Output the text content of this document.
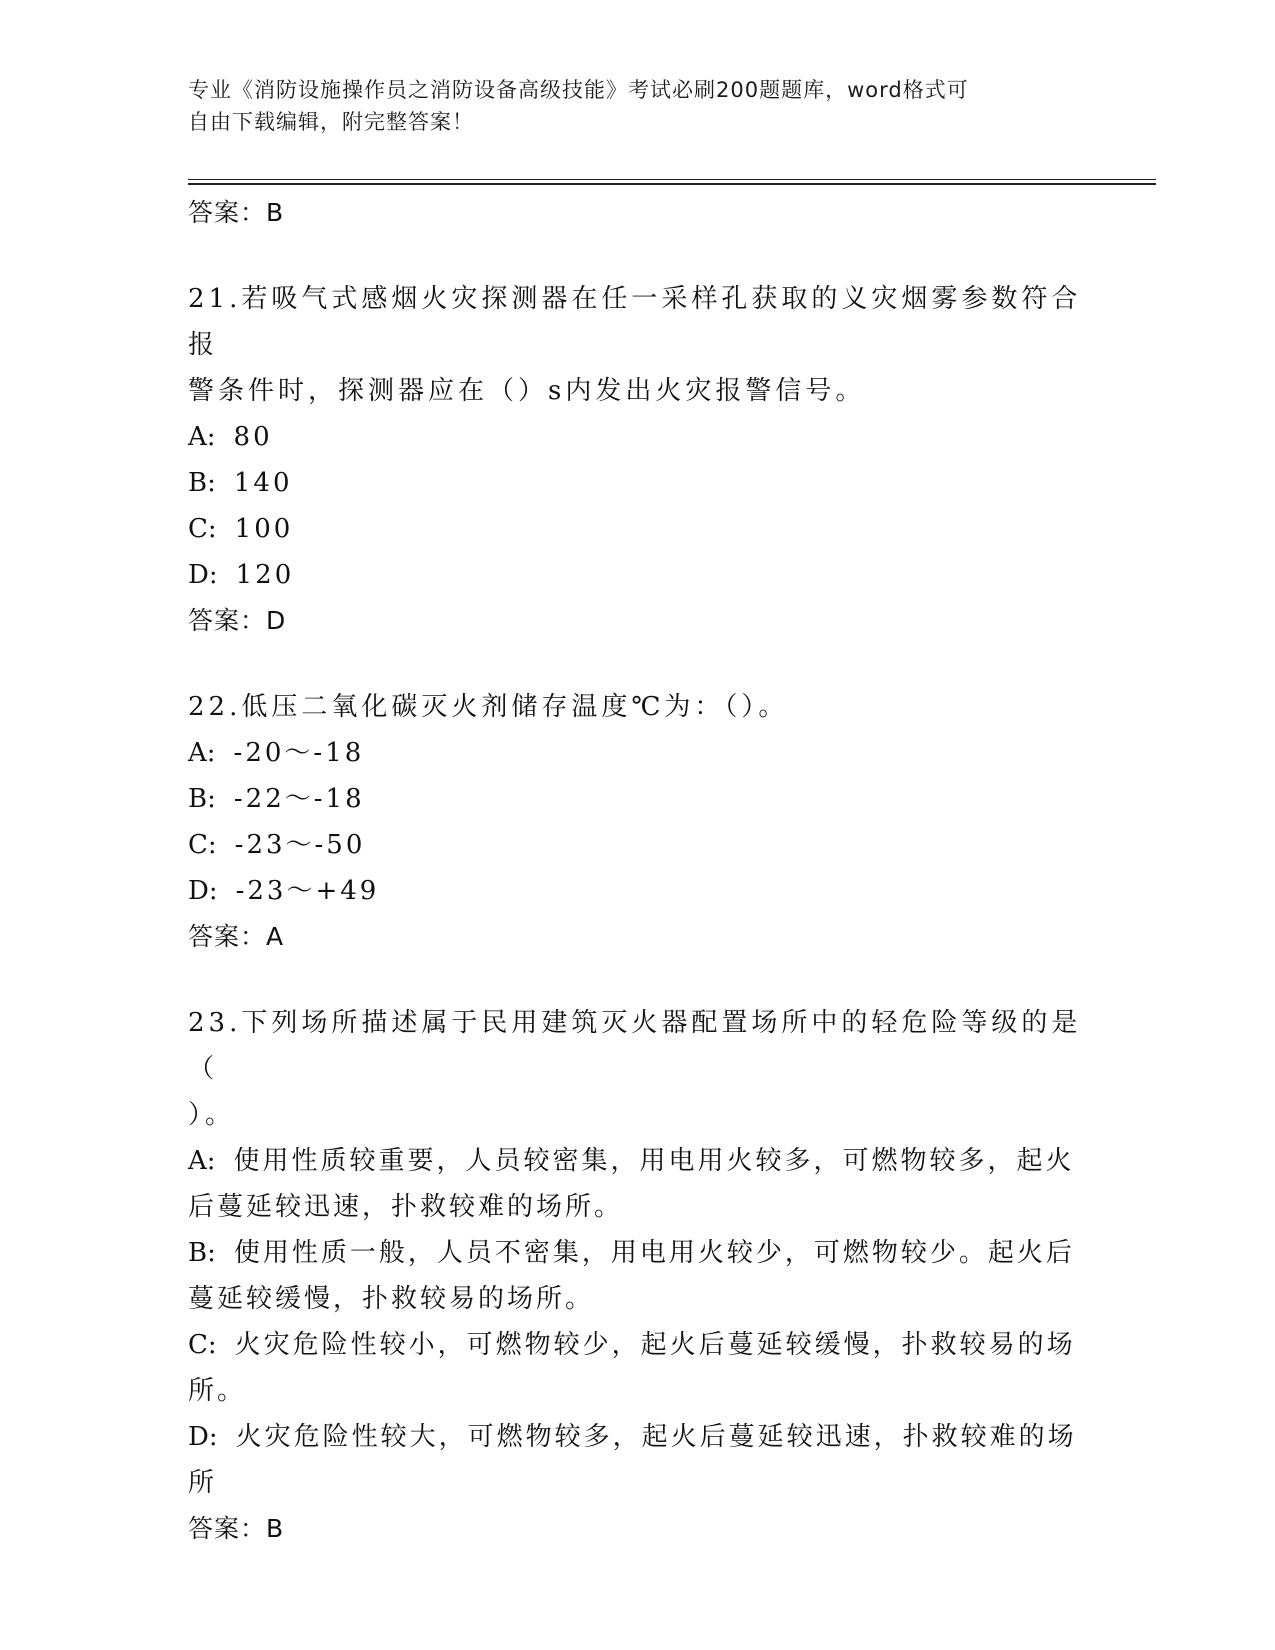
专业《消防设施操作员之消防设备高级技能》考试必刷200题题库，word格式可
自由下载编辑，附完整答案！

答案：B

21.若吸气式感烟火灾探测器在任一采样孔获取的义灾烟雾参数符合报

警条件时，探测器应在（）s内发出火灾报警信号。

A: 80

B: 140

C: 100

D: 120

答案：D

22.低压二氧化碳灭火剂储存温度℃为：（）。

A: -20～-18

B: -22～-18

C: -23～-50

D: -23～+49

答案：A

23.下列场所描述属于民用建筑灭火器配置场所中的轻危险等级的是（

）。

A: 使用性质较重要，人员较密集，用电用火较多，可燃物较多，起火

后蔓延较迅速，扑救较难的场所。

B: 使用性质一般，人员不密集，用电用火较少，可燃物较少。起火后

蔓延较缓慢，扑救较易的场所。

C: 火灾危险性较小，可燃物较少，起火后蔓延较缓慢，扑救较易的场

所。

D: 火灾危险性较大，可燃物较多，起火后蔓延较迅速，扑救较难的场

所

答案：B
